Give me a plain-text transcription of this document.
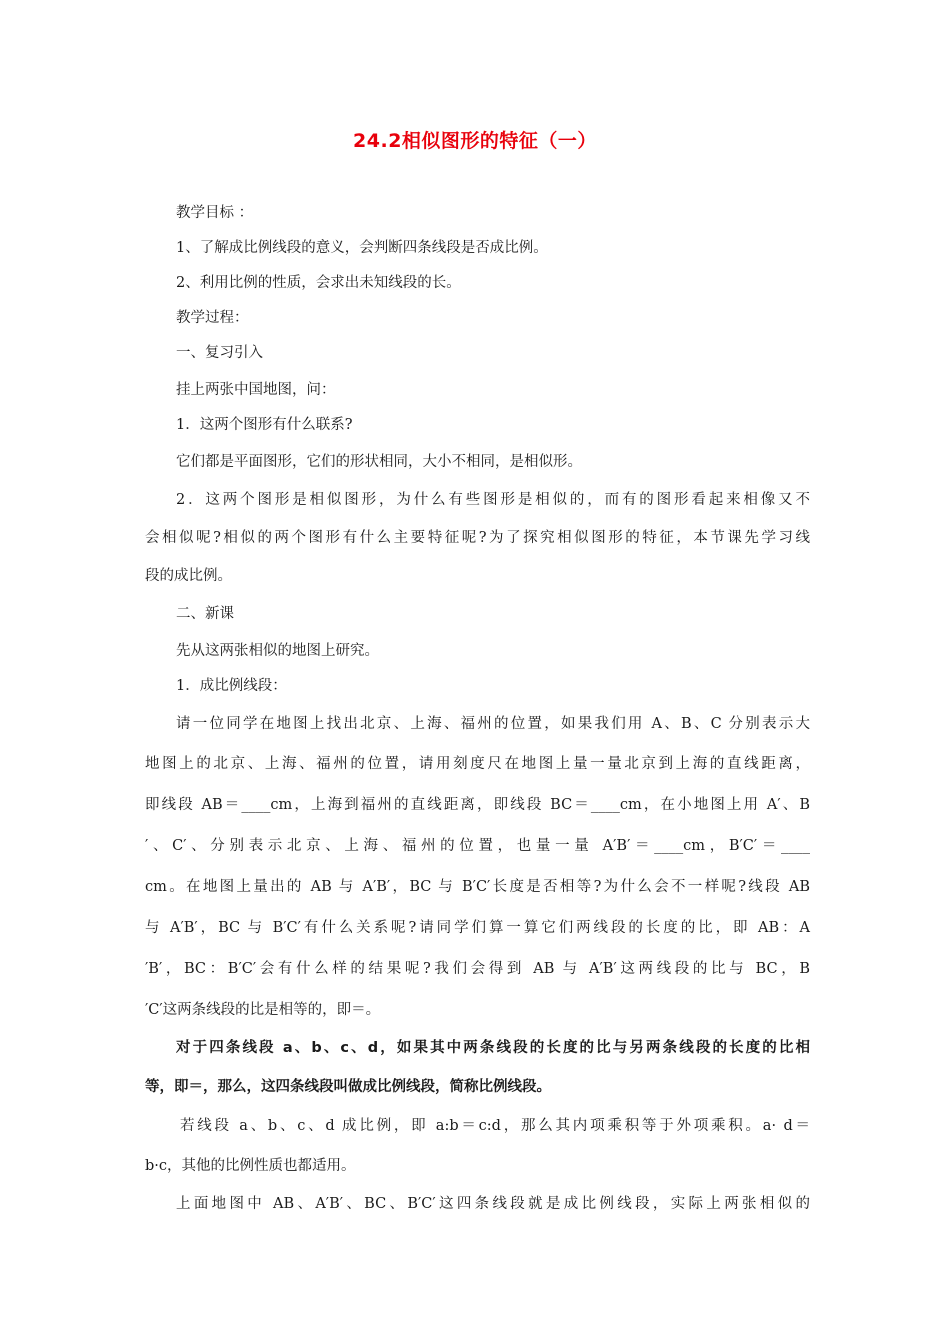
24.2相似图形的特征（一）
教学目标 ：
1、了解成比例线段的意义，会判断四条线段是否成比例。
2、利用比例的性质，会求出未知线段的长。
教学过程：
一、复习引入
挂上两张中国地图，问：
1．这两个图形有什么联系?
它们都是平面图形，它们的形状相同，大小不相同，是相似形。
2．这两个图形是相似图形，为什么有些图形是相似的，而有的图形看起来相像又不
会相似呢?相似的两个图形有什么主要特征呢?为了探究相似图形的特征，本节课先学习线
段的成比例。
二、新课
先从这两张相似的地图上研究。
1．成比例线段：
请一位同学在地图上找出北京、上海、福州的位置，如果我们用 A、B、C 分别表示大
地图上的北京、上海、福州的位置，请用刻度尺在地图上量一量北京到上海的直线距离，
即线段 AB＝____cm，上海到福州的直线距离，即线段 BC＝____cm，在小地图上用 A′、B
′、C′、分别表示北京、上海、福州的位置，也量一量 A′B′＝____cm，B′C′＝____
cm。在地图上量出的 AB 与 A′B′，BC 与 B′C′长度是否相等?为什么会不一样呢?线段 AB
与 A′B′，BC 与 B′C′有什么关系呢?请同学们算一算它们两线段的长度的比，即 AB：A
′B′，BC：B′C′会有什么样的结果呢?我们会得到 AB 与 A′B′这两线段的比与 BC，B
′C′这两条线段的比是相等的，即＝。
对于四条线段 a、b、c、d，如果其中两条线段的长度的比与另两条线段的长度的比相
等，即＝，那么，这四条线段叫做成比例线段，简称比例线段。
若线段 a、b、c、d 成比例，即 a:b＝c:d，那么其内项乘积等于外项乘积。a· d＝
b·c，其他的比例性质也都适用。
上面地图中 AB、A′B′、BC、B′C′这四条线段就是成比例线段，实际上两张相似的
